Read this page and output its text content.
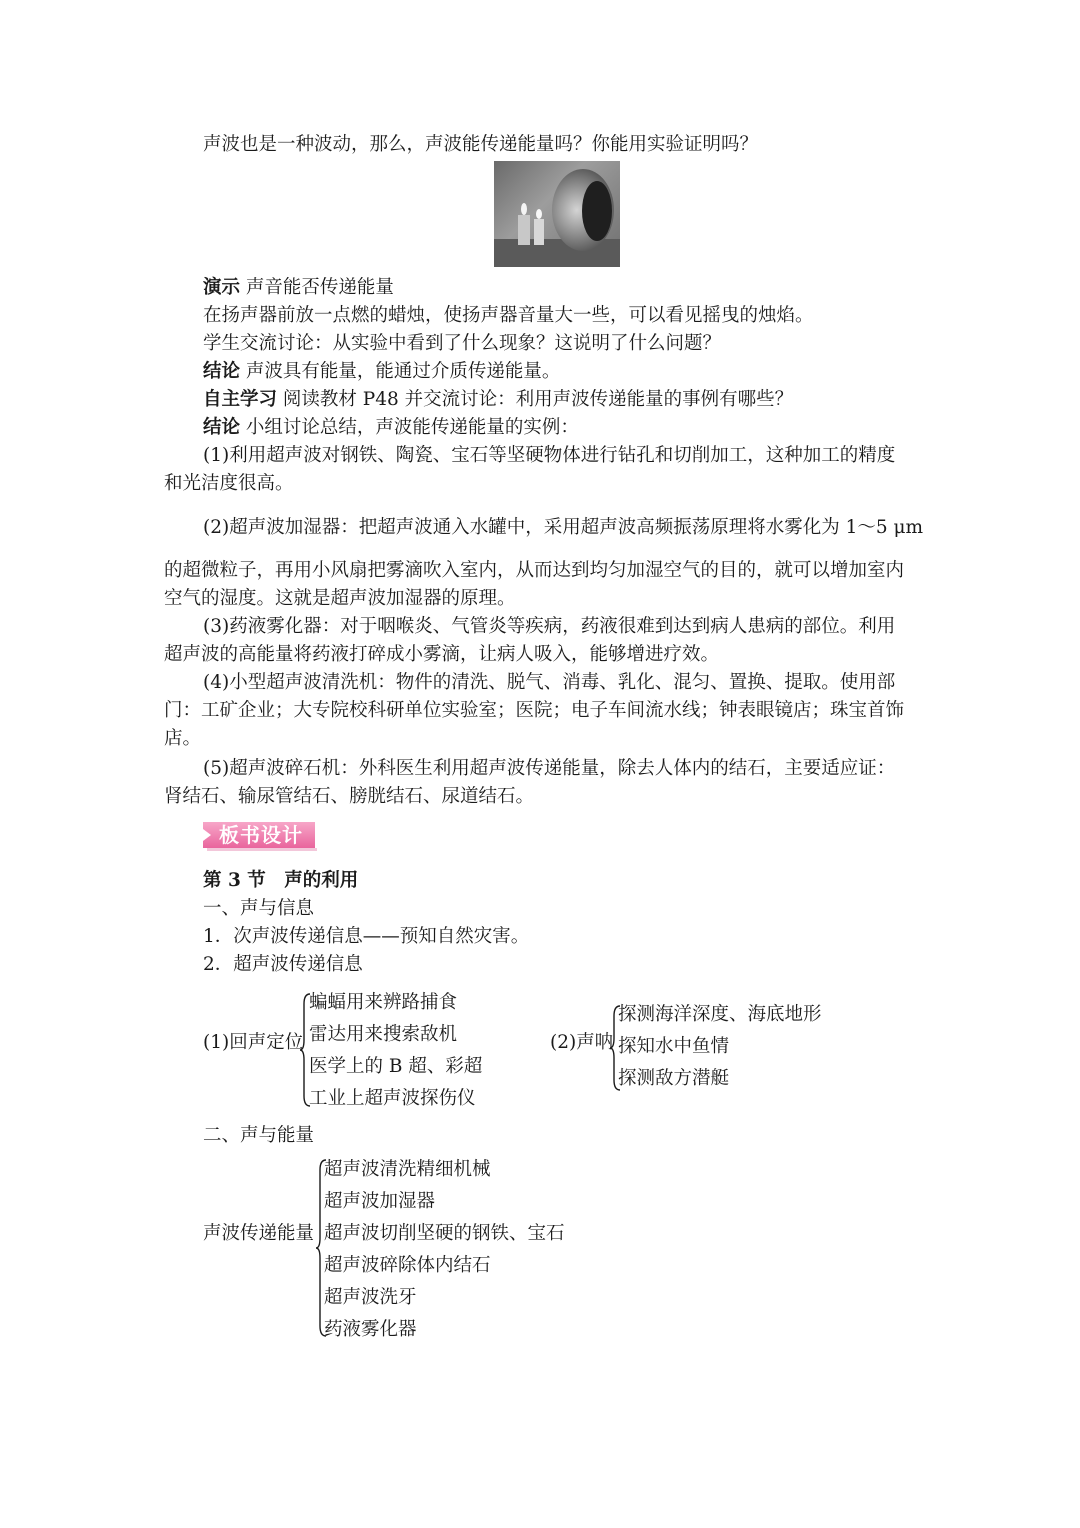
声波也是一种波动，那么，声波能传递能量吗？你能用实验证明吗？
演示 声音能否传递能量
在扬声器前放一点燃的蜡烛，使扬声器音量大一些，可以看见摇曳的烛焰。
学生交流讨论：从实验中看到了什么现象？这说明了什么问题？
结论 声波具有能量，能通过介质传递能量。
自主学习 阅读教材 P48 并交流讨论：利用声波传递能量的事例有哪些？
结论 小组讨论总结，声波能传递能量的实例：
(1)利用超声波对钢铁、陶瓷、宝石等坚硬物体进行钻孔和切削加工，这种加工的精度
和光洁度很高。
(2)超声波加湿器：把超声波通入水罐中，采用超声波高频振荡原理将水雾化为 1～5 μm
的超微粒子，再用小风扇把雾滴吹入室内，从而达到均匀加湿空气的目的，就可以增加室内
空气的湿度。这就是超声波加湿器的原理。
(3)药液雾化器：对于咽喉炎、气管炎等疾病，药液很难到达到病人患病的部位。利用
超声波的高能量将药液打碎成小雾滴，让病人吸入，能够增进疗效。
(4)小型超声波清洗机：物件的清洗、脱气、消毒、乳化、混匀、置换、提取。使用部
门：工矿企业；大专院校科研单位实验室；医院；电子车间流水线；钟表眼镜店；珠宝首饰
店。
(5)超声波碎石机：外科医生利用超声波传递能量，除去人体内的结石，主要适应证：
肾结石、输尿管结石、膀胱结石、尿道结石。
板书设计
第 3 节　声的利用
一、声与信息
1．次声波传递信息——预知自然灾害。
2．超声波传递信息
(1)回声定位
蝙蝠用来辨路捕食
雷达用来搜索敌机
医学上的 B 超、彩超
工业上超声波探伤仪
(2)声呐
探测海洋深度、海底地形
探知水中鱼情
探测敌方潜艇
二、声与能量
声波传递能量
超声波清洗精细机械
超声波加湿器
超声波切削坚硬的钢铁、宝石
超声波碎除体内结石
超声波洗牙
药液雾化器
